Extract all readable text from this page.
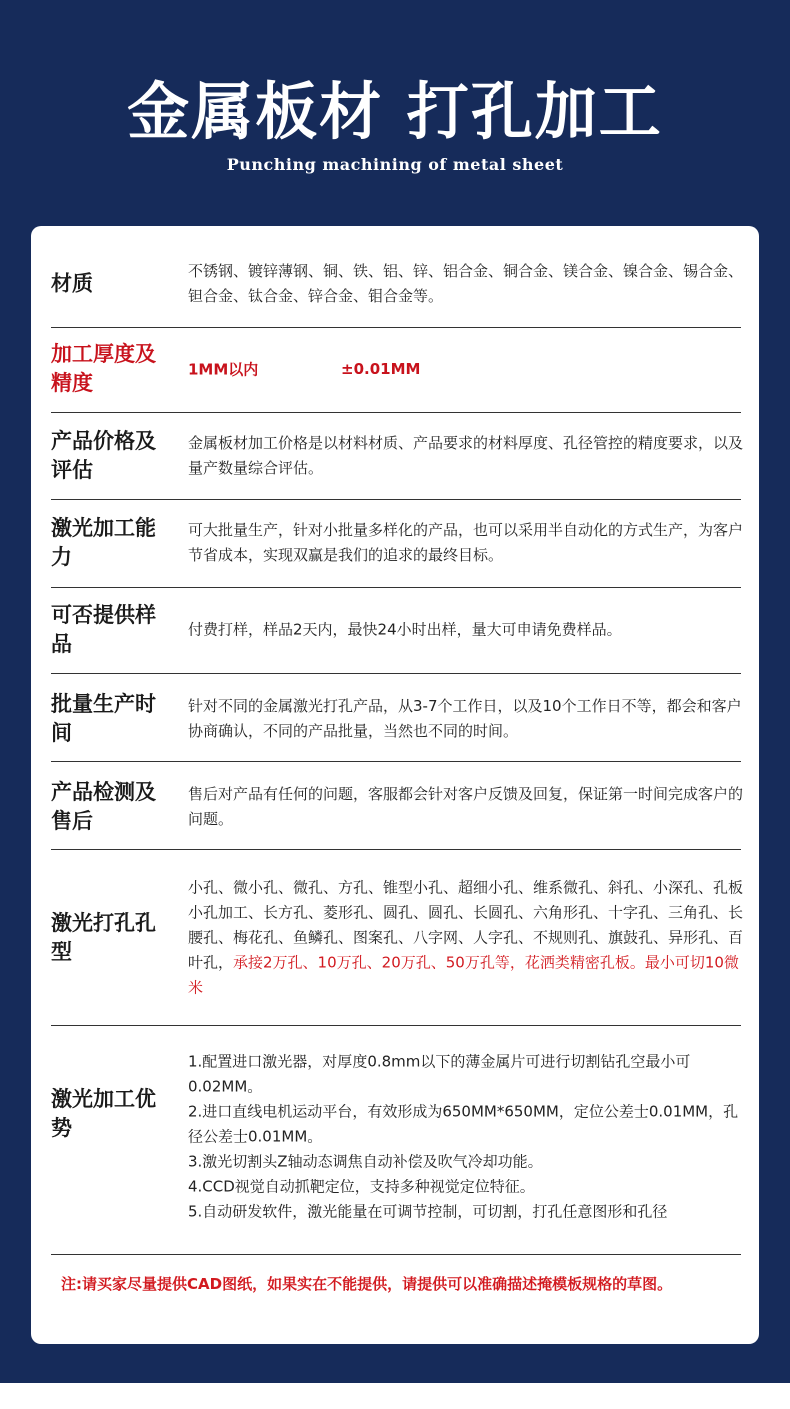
金属板材 打孔加工
Punching machining of metal sheet
材质
不锈钢、镀锌薄钢、铜、铁、铝、锌、铝合金、铜合金、镁合金、镍合金、锡合金、钽合金、钛合金、锌合金、钼合金等。
加工厚度及精度
1MM以内	±0.01MM
产品价格及评估
金属板材加工价格是以材料材质、产品要求的材料厚度、孔径管控的精度要求，以及量产数量综合评估。
激光加工能力
可大批量生产，针对小批量多样化的产品，也可以采用半自动化的方式生产，为客户节省成本，实现双赢是我们的追求的最终目标。
可否提供样品
付费打样，样品2天内，最快24小时出样，量大可申请免费样品。
批量生产时间
针对不同的金属激光打孔产品，从3-7个工作日，以及10个工作日不等，都会和客户协商确认，不同的产品批量，当然也不同的时间。
产品检测及售后
售后对产品有任何的问题，客服都会针对客户反馈及回复，保证第一时间完成客户的问题。
激光打孔孔型
小孔、微小孔、微孔、方孔、锥型小孔、超细小孔、维系微孔、斜孔、小深孔、孔板小孔加工、长方孔、菱形孔、圆孔、圆孔、长圆孔、六角形孔、十字孔、三角孔、长腰孔、梅花孔、鱼鳞孔、图案孔、八字网、人字孔、不规则孔、旗鼓孔、异形孔、百叶孔，承接2万孔、10万孔、20万孔、50万孔等，花洒类精密孔板。最小可切10微米
激光加工优势
1.配置进口激光器，对厚度0.8mm以下的薄金属片可进行切割钻孔空最小可0.02MM。
2.进口直线电机运动平台，有效形成为650MM*650MM，定位公差士0.01MM，孔径公差士0.01MM。
3.激光切割头Z轴动态调焦自动补偿及吹气冷却功能。
4.CCD视觉自动抓靶定位，支持多种视觉定位特征。
5.自动研发软件，激光能量在可调节控制，可切割，打孔任意图形和孔径
注:请买家尽量提供CAD图纸，如果实在不能提供，请提供可以准确描述掩模板规格的草图。
